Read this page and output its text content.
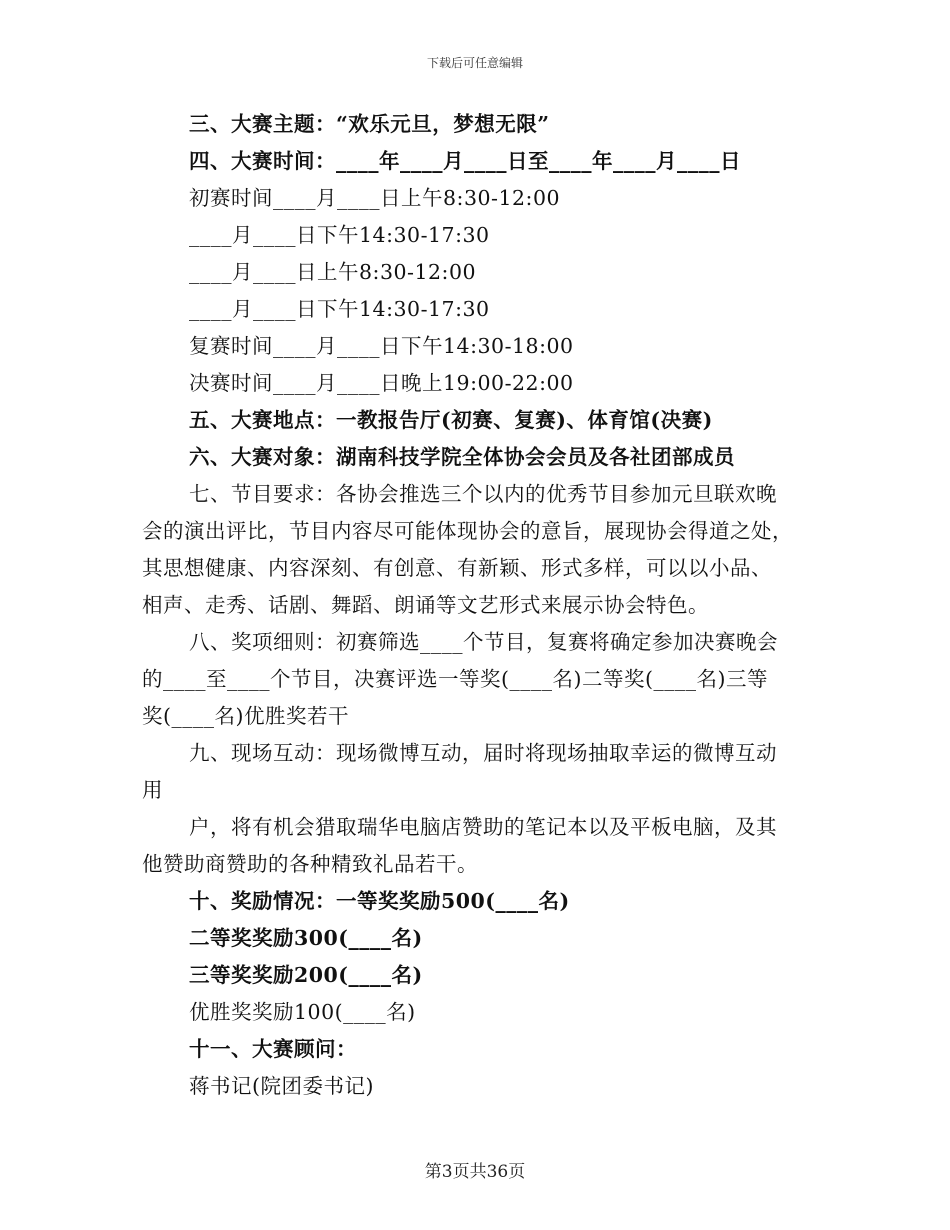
下载后可任意编辑
三、大赛主题：“欢乐元旦，梦想无限”
四、大赛时间：____年____月____日至____年____月____日
初赛时间____月____日上午8:30-12:00
____月____日下午14:30-17:30
____月____日上午8:30-12:00
____月____日下午14:30-17:30
复赛时间____月____日下午14:30-18:00
决赛时间____月____日晚上19:00-22:00
五、大赛地点：一教报告厅(初赛、复赛)、体育馆(决赛)
六、大赛对象：湖南科技学院全体协会会员及各社团部成员
七、节目要求：各协会推选三个以内的优秀节目参加元旦联欢晚
会的演出评比，节目内容尽可能体现协会的意旨，展现协会得道之处，
其思想健康、内容深刻、有创意、有新颖、形式多样，可以以小品、
相声、走秀、话剧、舞蹈、朗诵等文艺形式来展示协会特色。
八、奖项细则：初赛筛选____个节目，复赛将确定参加决赛晚会
的____至____个节目，决赛评选一等奖(____名)二等奖(____名)三等
奖(____名)优胜奖若干
九、现场互动：现场微博互动，届时将现场抽取幸运的微博互动
用
户，将有机会猎取瑞华电脑店赞助的笔记本以及平板电脑，及其
他赞助商赞助的各种精致礼品若干。
十、奖励情况：一等奖奖励500(____名)
二等奖奖励300(____名)
三等奖奖励200(____名)
优胜奖奖励100(____名)
十一、大赛顾问：
蒋书记(院团委书记)
第3页共36页
